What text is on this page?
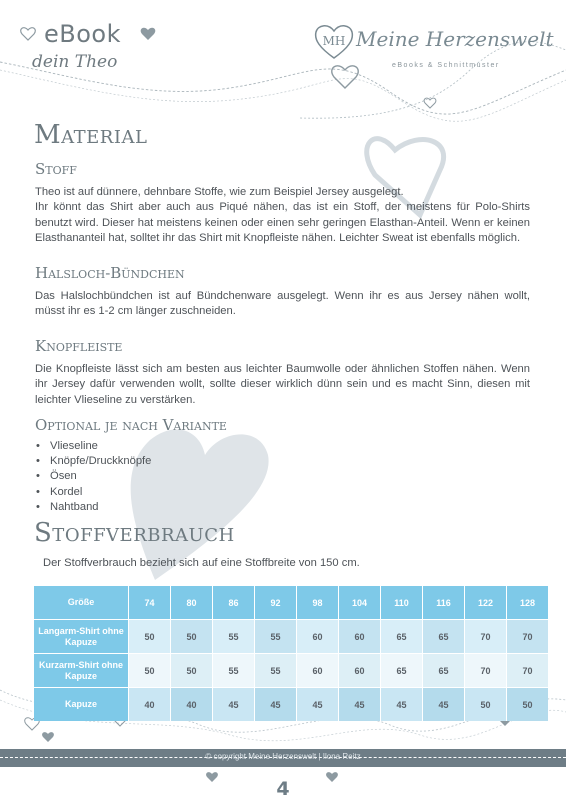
eBook
dein Theo
MH Meine Herzenswelt
eBooks & Schnittmuster
Material
Stoff
Theo ist auf dünnere, dehnbare Stoffe, wie zum Beispiel Jersey ausgelegt.
Ihr könnt das Shirt aber auch aus Piqué nähen, das ist ein Stoff, der meistens für Polo-Shirts benutzt wird. Dieser hat meistens keinen oder einen sehr geringen Elasthan-Anteil. Wenn er keinen Elasthananteil hat, solltet ihr das Shirt mit Knopfleiste nähen. Leichter Sweat ist ebenfalls möglich.
Halsloch-Bündchen
Das Halslochbündchen ist auf Bündchenware ausgelegt. Wenn ihr es aus Jersey nähen wollt, müsst ihr es 1-2 cm länger zuschneiden.
Knopfleiste
Die Knopfleiste lässt sich am besten aus leichter Baumwolle oder ähnlichen Stoffen nähen. Wenn ihr Jersey dafür verwenden wollt, sollte dieser wirklich dünn sein und es macht Sinn, diesen mit leichter Vlieseline zu verstärken.
Optional je nach Variante
• Vlieseline
• Knöpfe/Druckknöpfe
• Ösen
• Kordel
• Nahtband
Stoffverbrauch
Der Stoffverbrauch bezieht sich auf eine Stoffbreite von 150 cm.
Größe	74	80	86	92	98	104	110	116	122	128
Langarm-Shirt ohne Kapuze	50	50	55	55	60	60	65	65	70	70
Kurzarm-Shirt ohne Kapuze	50	50	55	55	60	60	65	65	70	70
Kapuze	40	40	45	45	45	45	45	45	50	50
© copyright Meine Herzenswelt | Ilona Reitz
4
